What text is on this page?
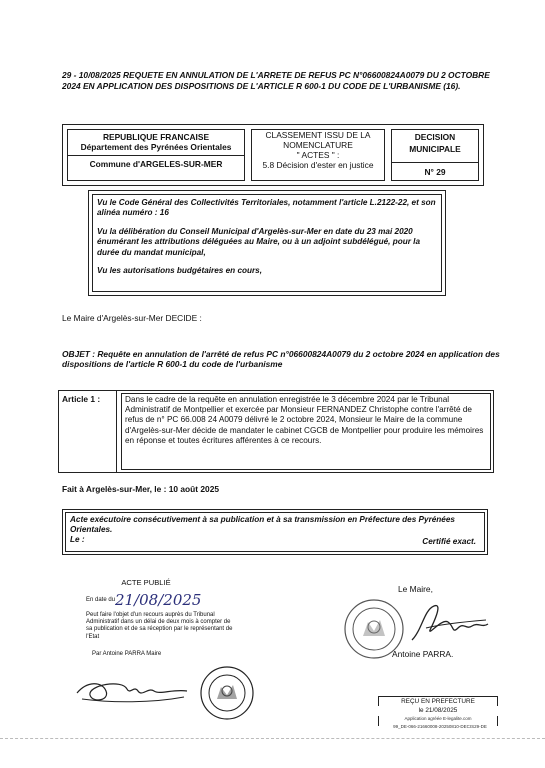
29 - 10/08/2025 REQUETE EN ANNULATION DE L'ARRETE DE REFUS PC N°06600824A0079 DU 2 OCTOBRE 2024 EN APPLICATION DES DISPOSITIONS DE L'ARTICLE R 600-1 DU CODE DE L'URBANISME (16).
REPUBLIQUE FRANCAISE
Département des Pyrénées Orientales
Commune d'ARGELES-SUR-MER
CLASSEMENT ISSU DE LA
NOMENCLATURE
" ACTES " :
5.8 Décision d'ester en justice
DECISION
MUNICIPALE
N° 29

Vu le Code Général des Collectivités Territoriales, notamment l'article L.2122-22, et son alinéa numéro : 16

Vu la délibération du Conseil Municipal d'Argelès-sur-Mer en date du 23 mai 2020 énumérant les attributions déléguées au Maire, ou à un adjoint subdélégué, pour la durée du mandat municipal,

Vu les autorisations budgétaires en cours,

Le Maire d'Argelès-sur-Mer DECIDE :
OBJET : Requête en annulation de l'arrêté de refus PC n°06600824A0079 du 2 octobre 2024 en application des dispositions de l'article R 600-1 du code de l'urbanisme
Article 1 :	Dans le cadre de la requête en annulation enregistrée le 3 décembre 2024 par le Tribunal Administratif de Montpellier et exercée par Monsieur FERNANDEZ Christophe contre l'arrêté de refus de n° PC 66.008 24 A0079 délivré le 2 octobre 2024, Monsieur le Maire de la commune d'Argelès-sur-Mer décide de mandater le cabinet CGCB de Montpellier pour produire les mémoires en réponse et toutes écritures afférentes à ce recours.
Fait à Argelès-sur-Mer, le : 10 août 2025
Acte exécutoire consécutivement à sa publication et à sa transmission en Préfecture des Pyrénées Orientales.
Le :	Certifié exact.
ACTE PUBLIÉ
En date du 21/08/2025
Peut faire l'objet d'un recours auprès du Tribunal Administratif dans un délai de deux mois à compter de sa publication et de sa réception par le représentant de l'Etat
Par Antoine PARRA Maire
Le Maire,
Antoine PARRA.
REÇU EN PREFECTURE
le 21/08/2025
Application agréée E-legalite.com
99_DE-066-21660008-20250810-DECIS29-DE
